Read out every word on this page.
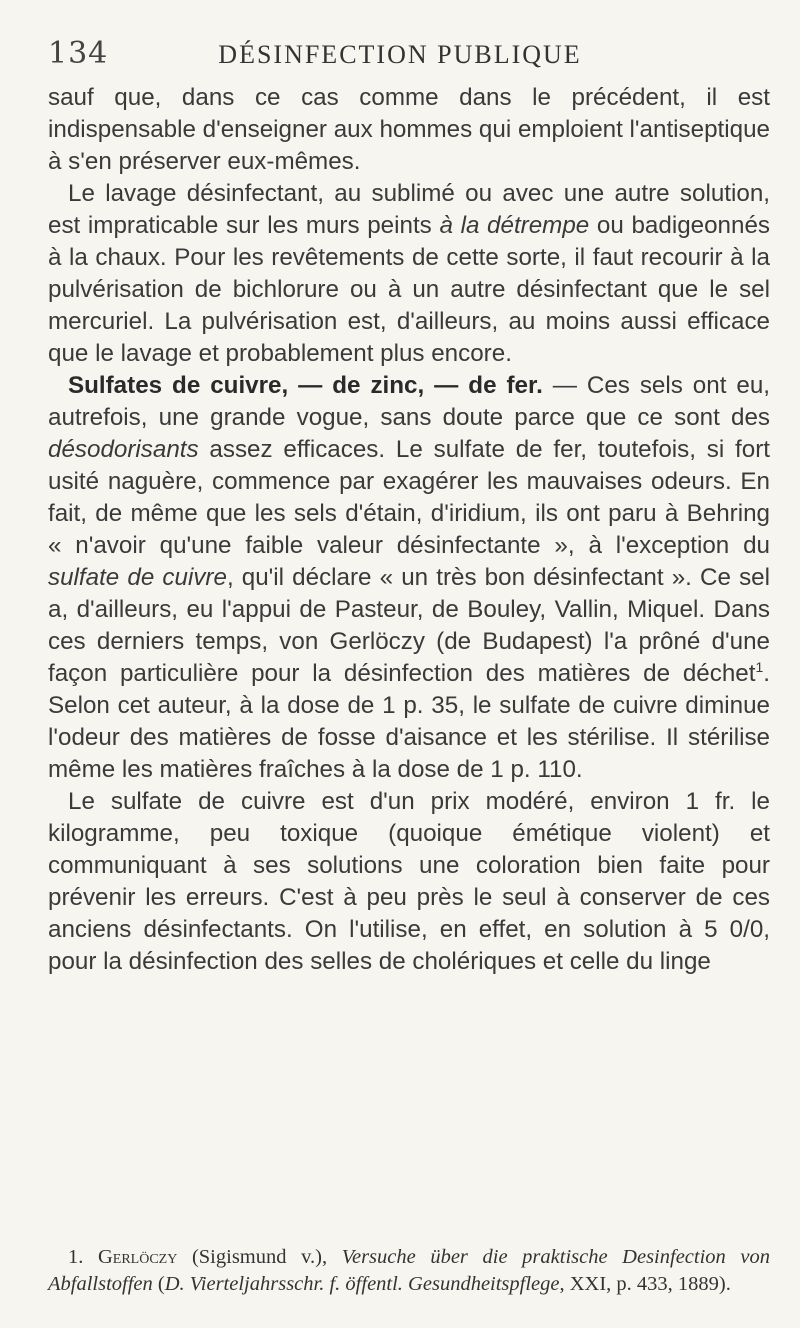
134	DÉSINFECTION PUBLIQUE

sauf que, dans ce cas comme dans le précédent, il est indispensable d'enseigner aux hommes qui emploient l'antiseptique à s'en préserver eux-mêmes.

Le lavage désinfectant, au sublimé ou avec une autre solution, est impraticable sur les murs peints à la détrempe ou badigeonnés à la chaux. Pour les revêtements de cette sorte, il faut recourir à la pulvérisation de bichlorure ou à un autre désinfectant que le sel mercuriel. La pulvérisation est, d'ailleurs, au moins aussi efficace que le lavage et probablement plus encore.

Sulfates de cuivre, — de zinc, — de fer. — Ces sels ont eu, autrefois, une grande vogue, sans doute parce que ce sont des désodorisants assez efficaces. Le sulfate de fer, toutefois, si fort usité naguère, commence par exagérer les mauvaises odeurs. En fait, de même que les sels d'étain, d'iridium, ils ont paru à Behring « n'avoir qu'une faible valeur désinfectante », à l'exception du sulfate de cuivre, qu'il déclare « un très bon désinfectant ». Ce sel a, d'ailleurs, eu l'appui de Pasteur, de Bouley, Vallin, Miquel. Dans ces derniers temps, von Gerlöczy (de Budapest) l'a prôné d'une façon particulière pour la désinfection des matières de déchet$^1$. Selon cet auteur, à la dose de 1 p. 35, le sulfate de cuivre diminue l'odeur des matières de fosse d'aisance et les stérilise. Il stérilise même les matières fraîches à la dose de 1 p. 110.

Le sulfate de cuivre est d'un prix modéré, environ 1 fr. le kilogramme, peu toxique (quoique émétique violent) et communiquant à ses solutions une coloration bien faite pour prévenir les erreurs. C'est à peu près le seul à conserver de ces anciens désinfectants. On l'utilise, en effet, en solution à 5 0/0, pour la désinfection des selles de cholériques et celle du linge

1. Gerlöczy (Sigismund v.), Versuche über die praktische Desinfection von Abfallstoffen (D. Vierteljahrsschr. f. öffentl. Gesundheitspflege, XXI, p. 433, 1889).
